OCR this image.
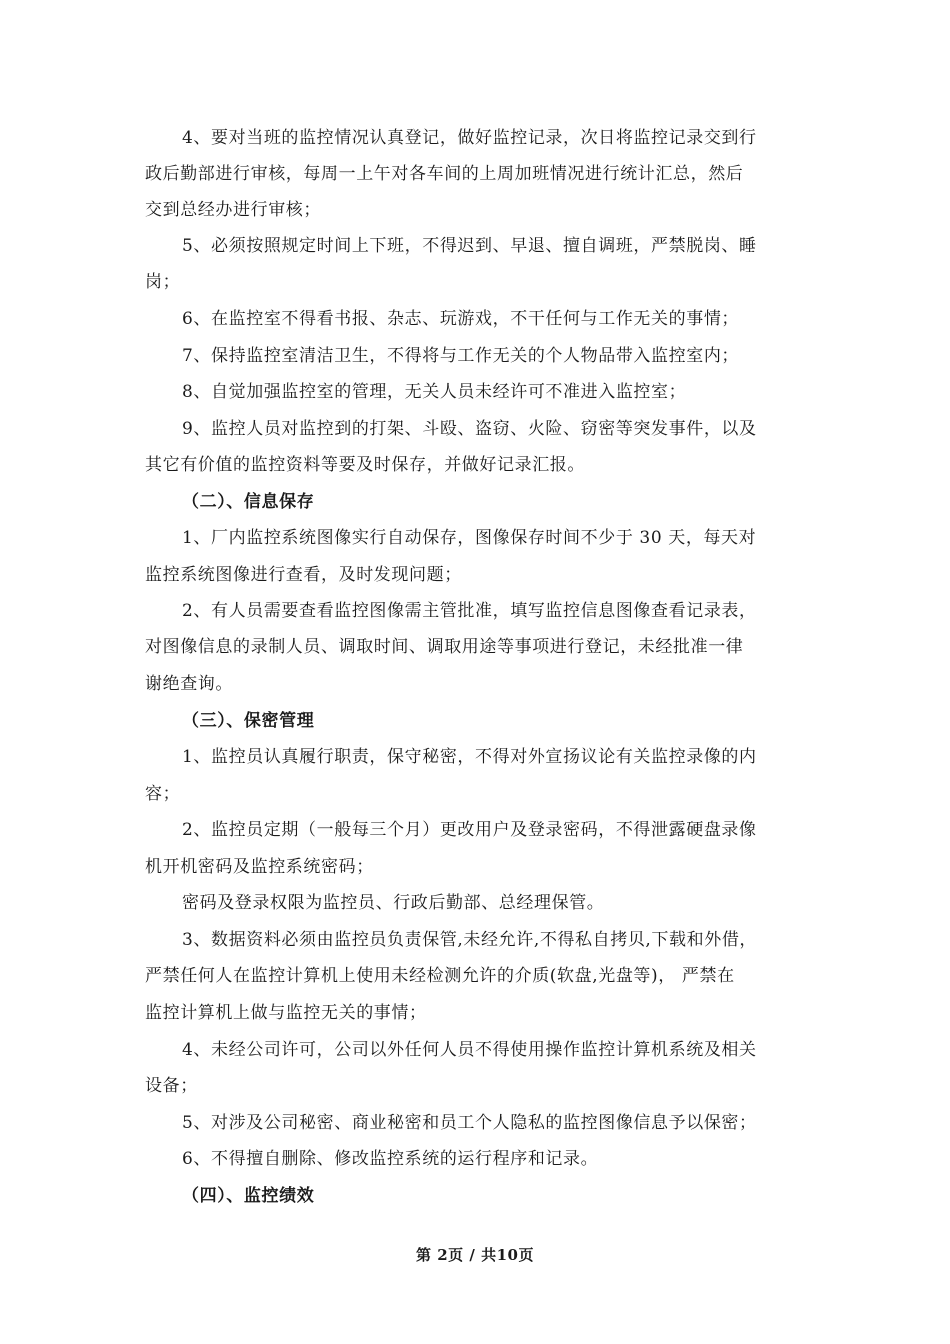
4、要对当班的监控情况认真登记，做好监控记录，次日将监控记录交到行
政后勤部进行审核，每周一上午对各车间的上周加班情况进行统计汇总，然后
交到总经办进行审核；
5、必须按照规定时间上下班，不得迟到、早退、擅自调班，严禁脱岗、睡
岗；
6、在监控室不得看书报、杂志、玩游戏，不干任何与工作无关的事情；
7、保持监控室清洁卫生，不得将与工作无关的个人物品带入监控室内；
8、自觉加强监控室的管理，无关人员未经许可不准进入监控室；
9、监控人员对监控到的打架、斗殴、盗窃、火险、窃密等突发事件，以及
其它有价值的监控资料等要及时保存，并做好记录汇报。
（二）、信息保存
1、厂内监控系统图像实行自动保存，图像保存时间不少于 30 天，每天对
监控系统图像进行查看，及时发现问题；
2、有人员需要查看监控图像需主管批准，填写监控信息图像查看记录表，
对图像信息的录制人员、调取时间、调取用途等事项进行登记，未经批准一律
谢绝查询。
（三）、保密管理
1、监控员认真履行职责，保守秘密，不得对外宣扬议论有关监控录像的内
容；
2、监控员定期（一般每三个月）更改用户及登录密码，不得泄露硬盘录像
机开机密码及监控系统密码；
密码及登录权限为监控员、行政后勤部、总经理保管。
3、数据资料必须由监控员负责保管,未经允许,不得私自拷贝,下载和外借，
严禁任何人在监控计算机上使用未经检测允许的介质(软盘,光盘等)， 严禁在
监控计算机上做与监控无关的事情；
4、未经公司许可，公司以外任何人员不得使用操作监控计算机系统及相关
设备；
5、对涉及公司秘密、商业秘密和员工个人隐私的监控图像信息予以保密；
6、不得擅自删除、修改监控系统的运行程序和记录。
（四）、监控绩效
第 2页 / 共10页
